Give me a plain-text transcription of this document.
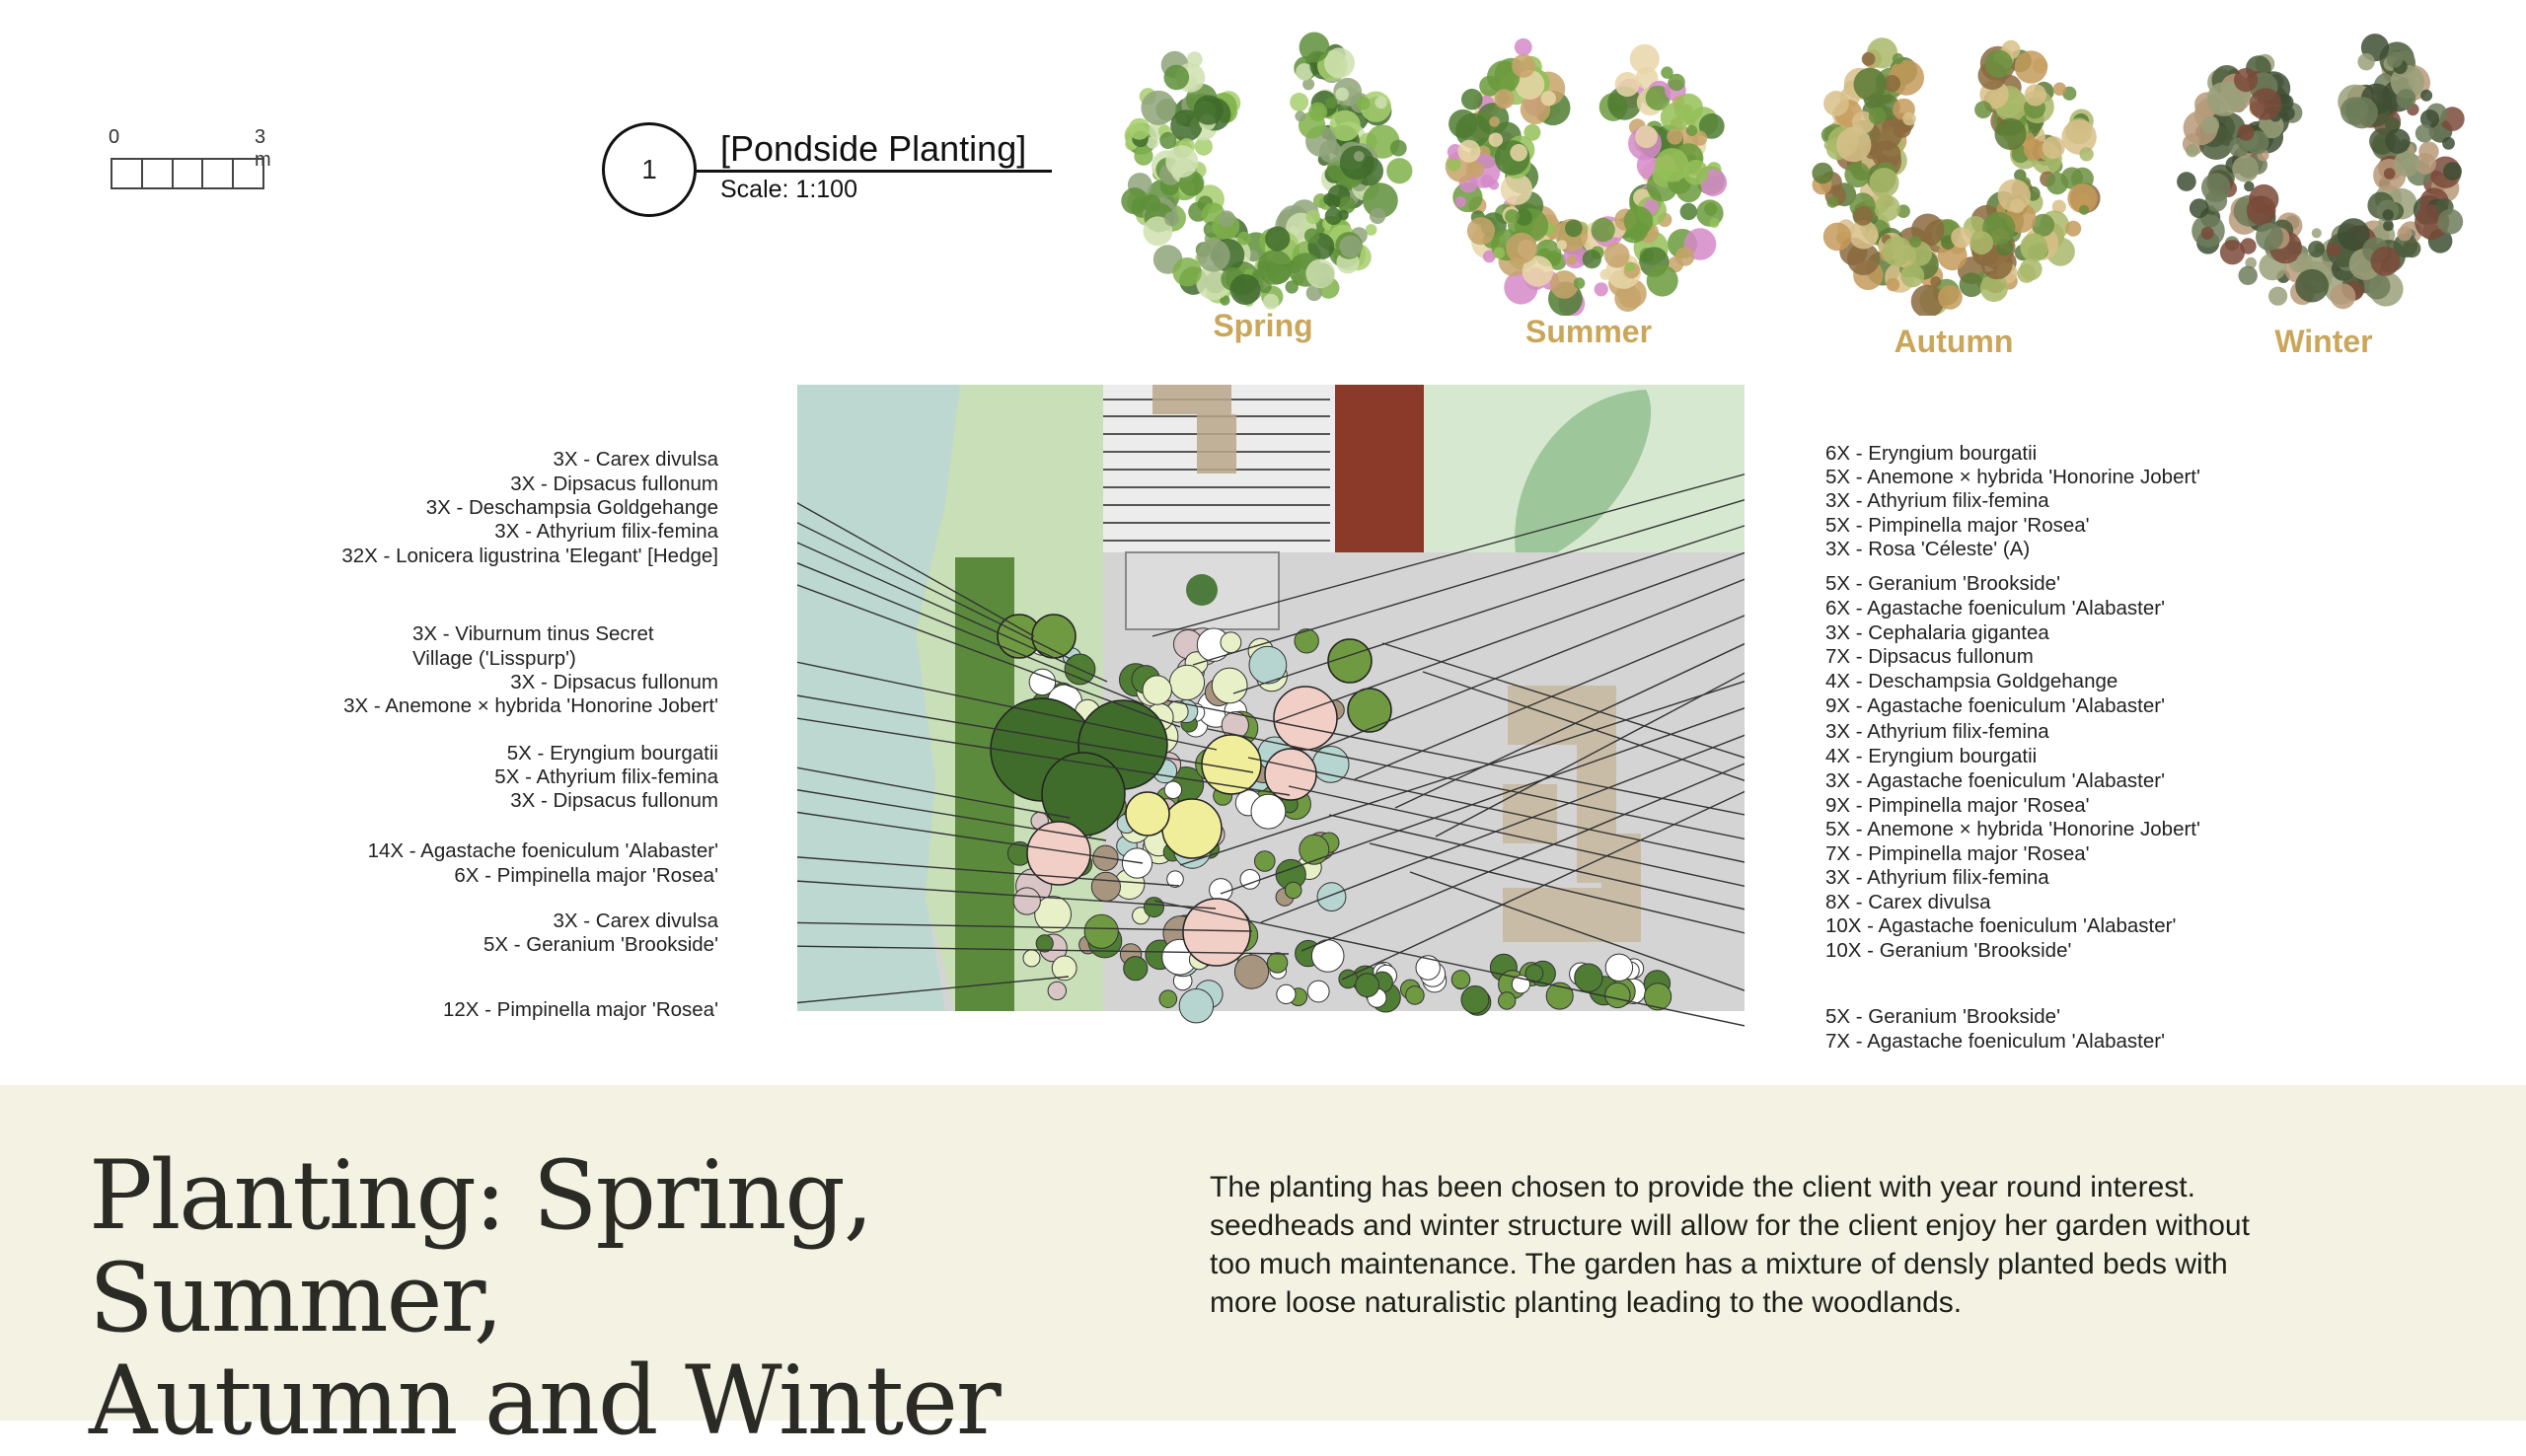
0	3 m	1
[Pondside Planting]
Scale: 1:100
Spring	Summer	Autumn	Winter
3X - Carex divulsa
3X - Dipsacus fullonum
3X - Deschampsia Goldgehange
3X - Athyrium filix-femina
32X - Lonicera ligustrina 'Elegant' [Hedge]
3X - Viburnum tinus Secret
Village ('Lisspurp')
3X - Dipsacus fullonum
3X - Anemone × hybrida 'Honorine Jobert'
5X - Eryngium bourgatii
5X - Athyrium filix-femina
3X - Dipsacus fullonum
14X - Agastache foeniculum 'Alabaster'
6X - Pimpinella major 'Rosea'
3X - Carex divulsa
5X - Geranium 'Brookside'
12X - Pimpinella major 'Rosea'
6X - Eryngium bourgatii
5X - Anemone × hybrida 'Honorine Jobert'
3X - Athyrium filix-femina
5X - Pimpinella major 'Rosea'
3X - Rosa 'Céleste' (A)
5X - Geranium 'Brookside'
6X - Agastache foeniculum 'Alabaster'
3X - Cephalaria gigantea
7X - Dipsacus fullonum
4X - Deschampsia Goldgehange
9X - Agastache foeniculum 'Alabaster'
3X - Athyrium filix-femina
4X - Eryngium bourgatii
3X - Agastache foeniculum 'Alabaster'
9X - Pimpinella major 'Rosea'
5X - Anemone × hybrida 'Honorine Jobert'
7X - Pimpinella major 'Rosea'
3X - Athyrium filix-femina
8X - Carex divulsa
10X - Agastache foeniculum 'Alabaster'
10X - Geranium 'Brookside'
5X - Geranium 'Brookside'
7X - Agastache foeniculum 'Alabaster'
Planting: Spring, Summer,
Autumn and Winter
The planting has been chosen to provide the client with year round interest.
seedheads and winter structure will allow for the client enjoy her garden without
too much maintenance. The garden has a mixture of densly planted beds with
more loose naturalistic planting leading to the woodlands.
